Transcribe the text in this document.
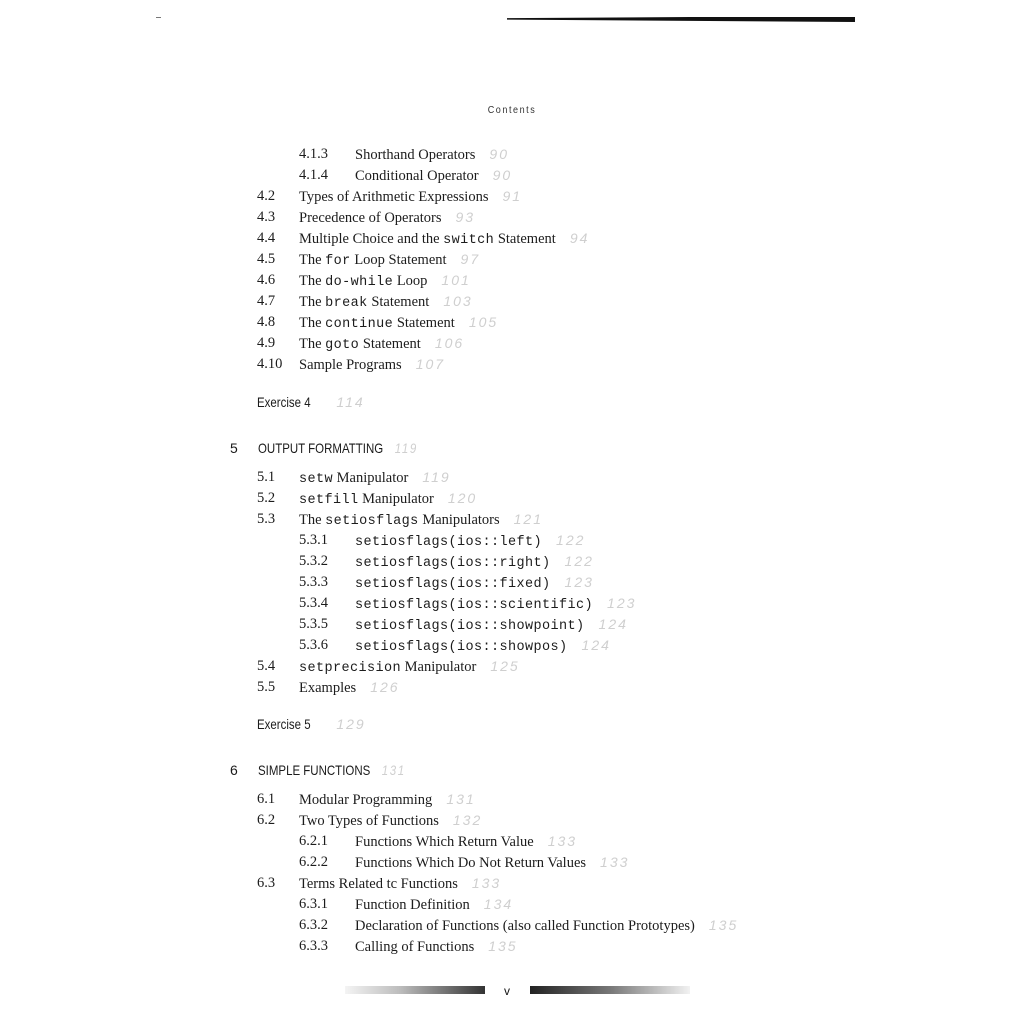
Contents
4.1.3 Shorthand Operators 90
4.1.4 Conditional Operator 90
4.2 Types of Arithmetic Expressions 91
4.3 Precedence of Operators 93
4.4 Multiple Choice and the switch Statement 94
4.5 The for Loop Statement 97
4.6 The do-while Loop 101
4.7 The break Statement 103
4.8 The continue Statement 105
4.9 The goto Statement 106
4.10 Sample Programs 107
Exercise 4 114
5 OUTPUT FORMATTING 119
5.1 setw Manipulator 119
5.2 setfill Manipulator 120
5.3 The setiosflags Manipulators 121
5.3.1 setiosflags(ios::left) 122
5.3.2 setiosflags(ios::right) 122
5.3.3 setiosflags(ios::fixed) 123
5.3.4 setiosflags(ios::scientific) 123
5.3.5 setiosflags(ios::showpoint) 124
5.3.6 setiosflags(ios::showpos) 124
5.4 setprecision Manipulator 125
5.5 Examples 126
Exercise 5 129
6 SIMPLE FUNCTIONS 131
6.1 Modular Programming 131
6.2 Two Types of Functions 132
6.2.1 Functions Which Return Value 133
6.2.2 Functions Which Do Not Return Values 133
6.3 Terms Related tc Functions 133
6.3.1 Function Definition 134
6.3.2 Declaration of Functions (also called Function Prototypes) 135
6.3.3 Calling of Functions 135
v
